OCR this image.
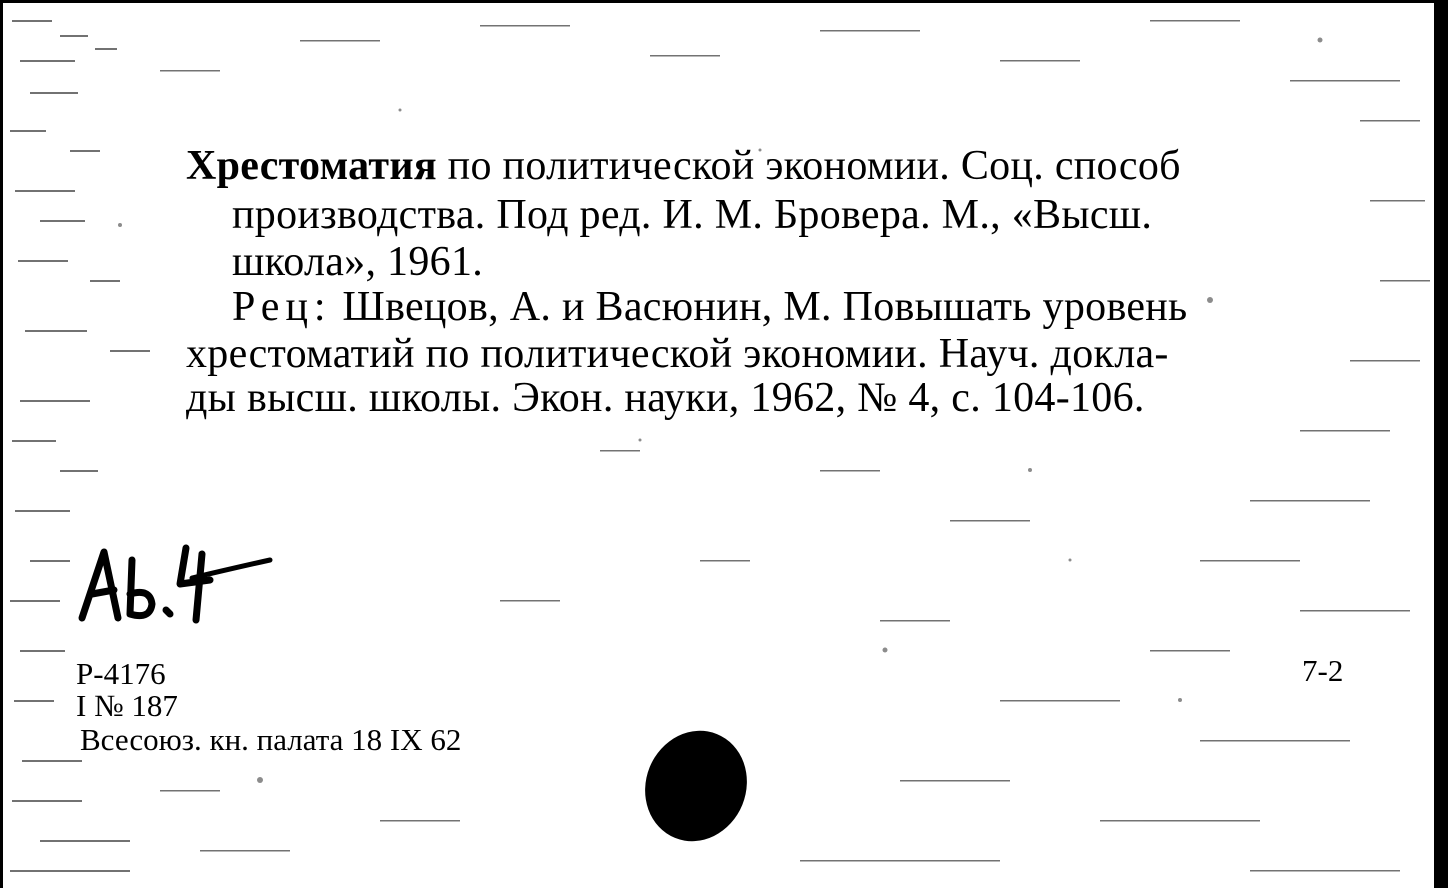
Хрестоматия по политической экономии. Соц. способ
производства. Под ред. И. М. Бровера. М., «Высш.
школа», 1961.
Рец: Швецов, А. и Васюнин, М. Повышать уровень
хрестоматий по политической экономии. Науч. докла-
ды высш. школы. Экон. науки, 1962, № 4, с. 104-106.
Р-4176
I № 187
Всесоюз. кн. палата 18 IX 62
7-2
